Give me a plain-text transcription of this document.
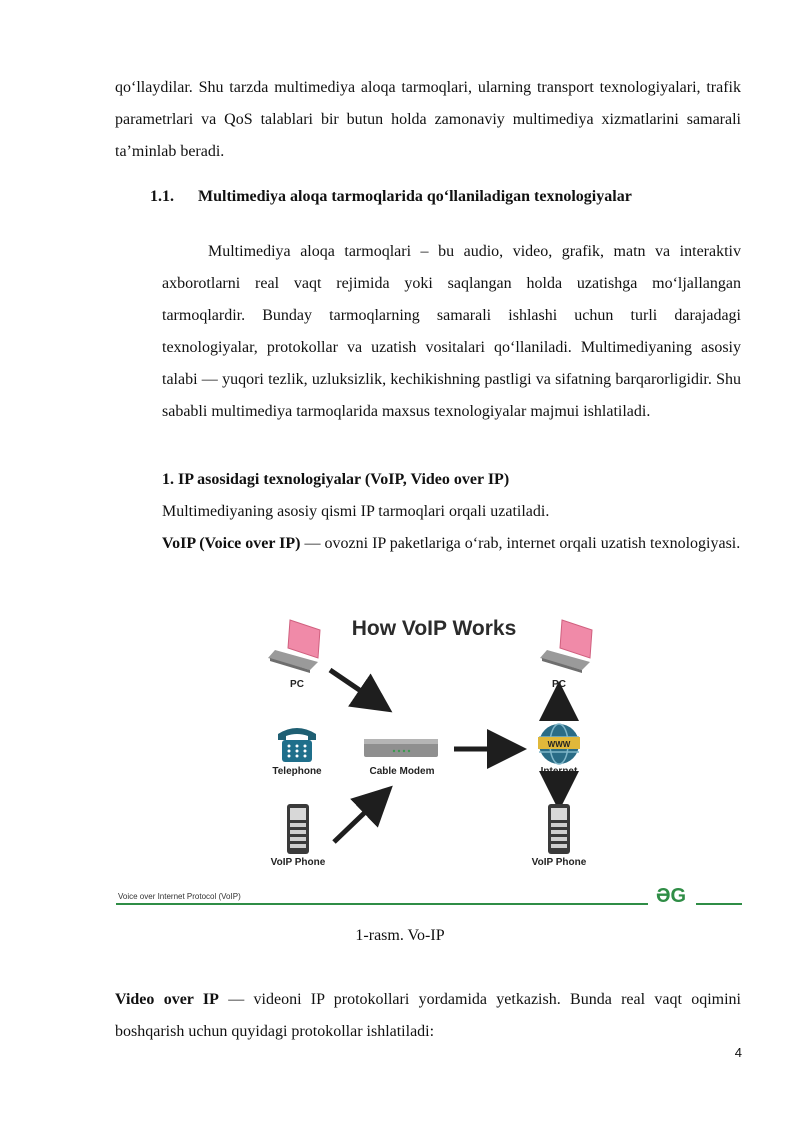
qoʻllaydilar. Shu tarzda multimediya aloqa tarmoqlari, ularning transport texnologiyalari, trafik parametrlari va QoS talablari bir butun holda zamonaviy multimediya xizmatlarini samarali taʼminlab beradi.

1.1. Multimediya aloqa tarmoqlarida qoʻllaniladigan texnologiyalar

Multimediya aloqa tarmoqlari – bu audio, video, grafik, matn va interaktiv axborotlarni real vaqt rejimida yoki saqlangan holda uzatishga moʻljallangan tarmoqlardir. Bunday tarmoqlarning samarali ishlashi uchun turli darajadagi texnologiyalar, protokollar va uzatish vositalari qoʻllaniladi. Multimediyaning asosiy talabi — yuqori tezlik, uzluksizlik, kechikishning pastligi va sifatning barqarorligidir. Shu sababli multimediya tarmoqlarida maxsus texnologiyalar majmui ishlatiladi.

1. IP asosidagi texnologiyalar (VoIP, Video over IP)

Multimediyaning asosiy qismi IP tarmoqlari orqali uzatiladi.

VoIP (Voice over IP) — ovozni IP paketlariga oʻrab, internet orqali uzatish texnologiyasi.

How VoIP Works
PC
Telephone	Cable Modem
VoIP Phone
PC
WWW
Internet
VoIP Phone
Voice over Internet Protocol (VoIP)	ƏG
1-rasm. Vo-IP

Video over IP — videoni IP protokollari yordamida yetkazish. Bunda real vaqt oqimini boshqarish uchun quyidagi protokollar ishlatiladi:

4
